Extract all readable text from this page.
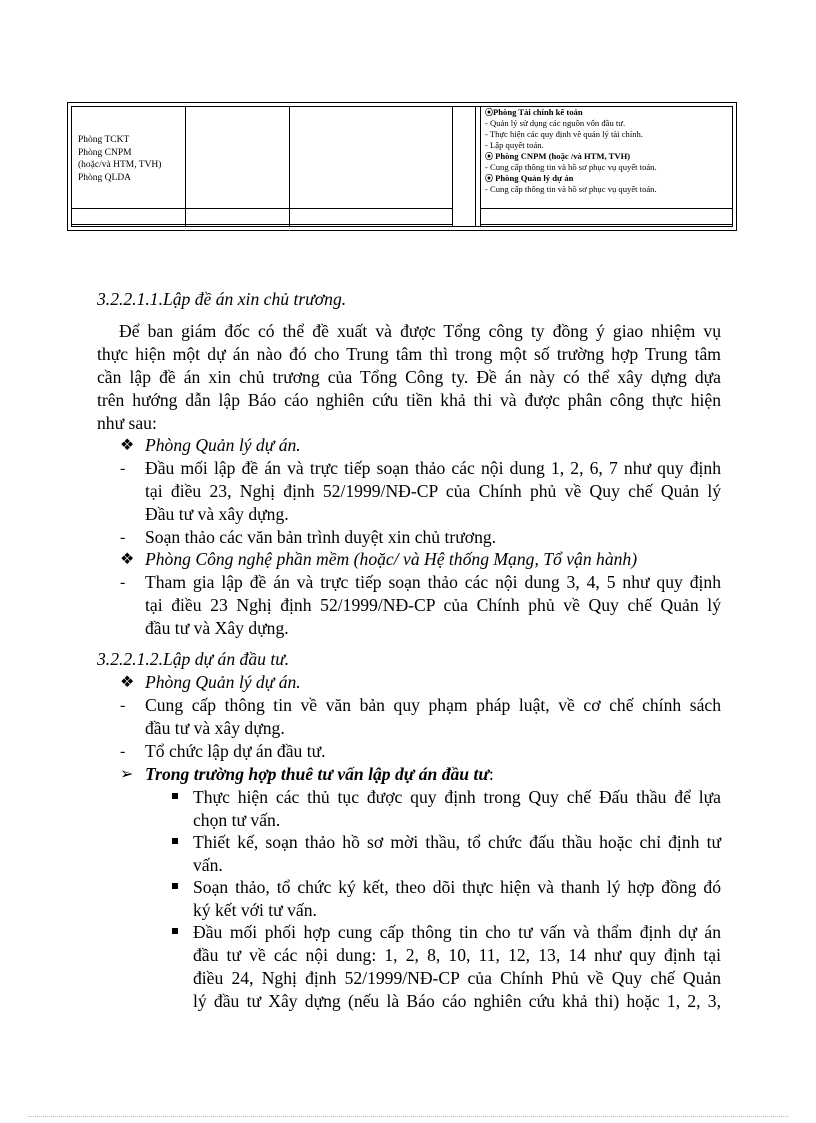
Phòng TCKT
Phòng CNPM
(hoặc/và HTM, TVH)
Phòng QLDA
⦿Phòng Tài chính kế toán
- Quản lý sử dụng các nguồn vốn đầu tư.
- Thực hiện các quy định về quản lý tài chính.
- Lập quyết toán.
⦿ Phòng CNPM (hoặc /và HTM, TVH)
- Cung cấp thông tin và hồ sơ phục vụ quyết toán.
⦿ Phòng Quản lý dự án
- Cung cấp thông tin và hồ sơ phục vụ quyết toán.
3.2.2.1.1.Lập đề án xin chủ trương.
Để ban giám đốc có thể đề xuất và được Tổng công ty đồng ý giao nhiệm vụ
thực hiện một dự án nào đó cho Trung tâm thì trong một số trường hợp Trung tâm
cần lập đề án xin chủ trương của Tổng Công ty. Đề án này có thể xây dựng dựa
trên hướng dẫn lập Báo cáo nghiên cứu tiền khả thi và được phân công thực hiện
như sau:
❖ Phòng Quản lý dự án.
- Đầu mối lập đề án và trực tiếp soạn thảo các nội dung 1, 2, 6, 7 như quy định
tại điều 23, Nghị định 52/1999/NĐ-CP của Chính phủ về Quy chế Quản lý
Đầu tư và xây dựng.
- Soạn thảo các văn bản trình duyệt xin chủ trương.
❖ Phòng Công nghệ phần mềm (hoặc/ và Hệ thống Mạng, Tổ vận hành)
- Tham gia lập đề án và trực tiếp soạn thảo các nội dung 3, 4, 5 như quy định
tại điều 23 Nghị định 52/1999/NĐ-CP của Chính phủ về Quy chế Quản lý
đầu tư và Xây dựng.
3.2.2.1.2.Lập dự án đầu tư.
❖ Phòng Quản lý dự án.
- Cung cấp thông tin về văn bản quy phạm pháp luật, về cơ chế chính sách
đầu tư và xây dựng.
- Tổ chức lập dự án đầu tư.
➢ Trong trường hợp thuê tư vấn lập dự án đầu tư:
Thực hiện các thủ tục được quy định trong Quy chế Đấu thầu để lựa
chọn tư vấn.
Thiết kế, soạn thảo hồ sơ mời thầu, tổ chức đấu thầu hoặc chỉ định tư
vấn.
Soạn thảo, tổ chức ký kết, theo dõi thực hiện và thanh lý hợp đồng đó
ký kết với tư vấn.
Đầu mối phối hợp cung cấp thông tin cho tư vấn và thẩm định dự án
đầu tư về các nội dung: 1, 2, 8, 10, 11, 12, 13, 14 như quy định tại
điều 24, Nghị định 52/1999/NĐ-CP của Chính Phủ về Quy chế Quản
lý đầu tư Xây dựng (nếu là Báo cáo nghiên cứu khả thi) hoặc 1, 2, 3,
